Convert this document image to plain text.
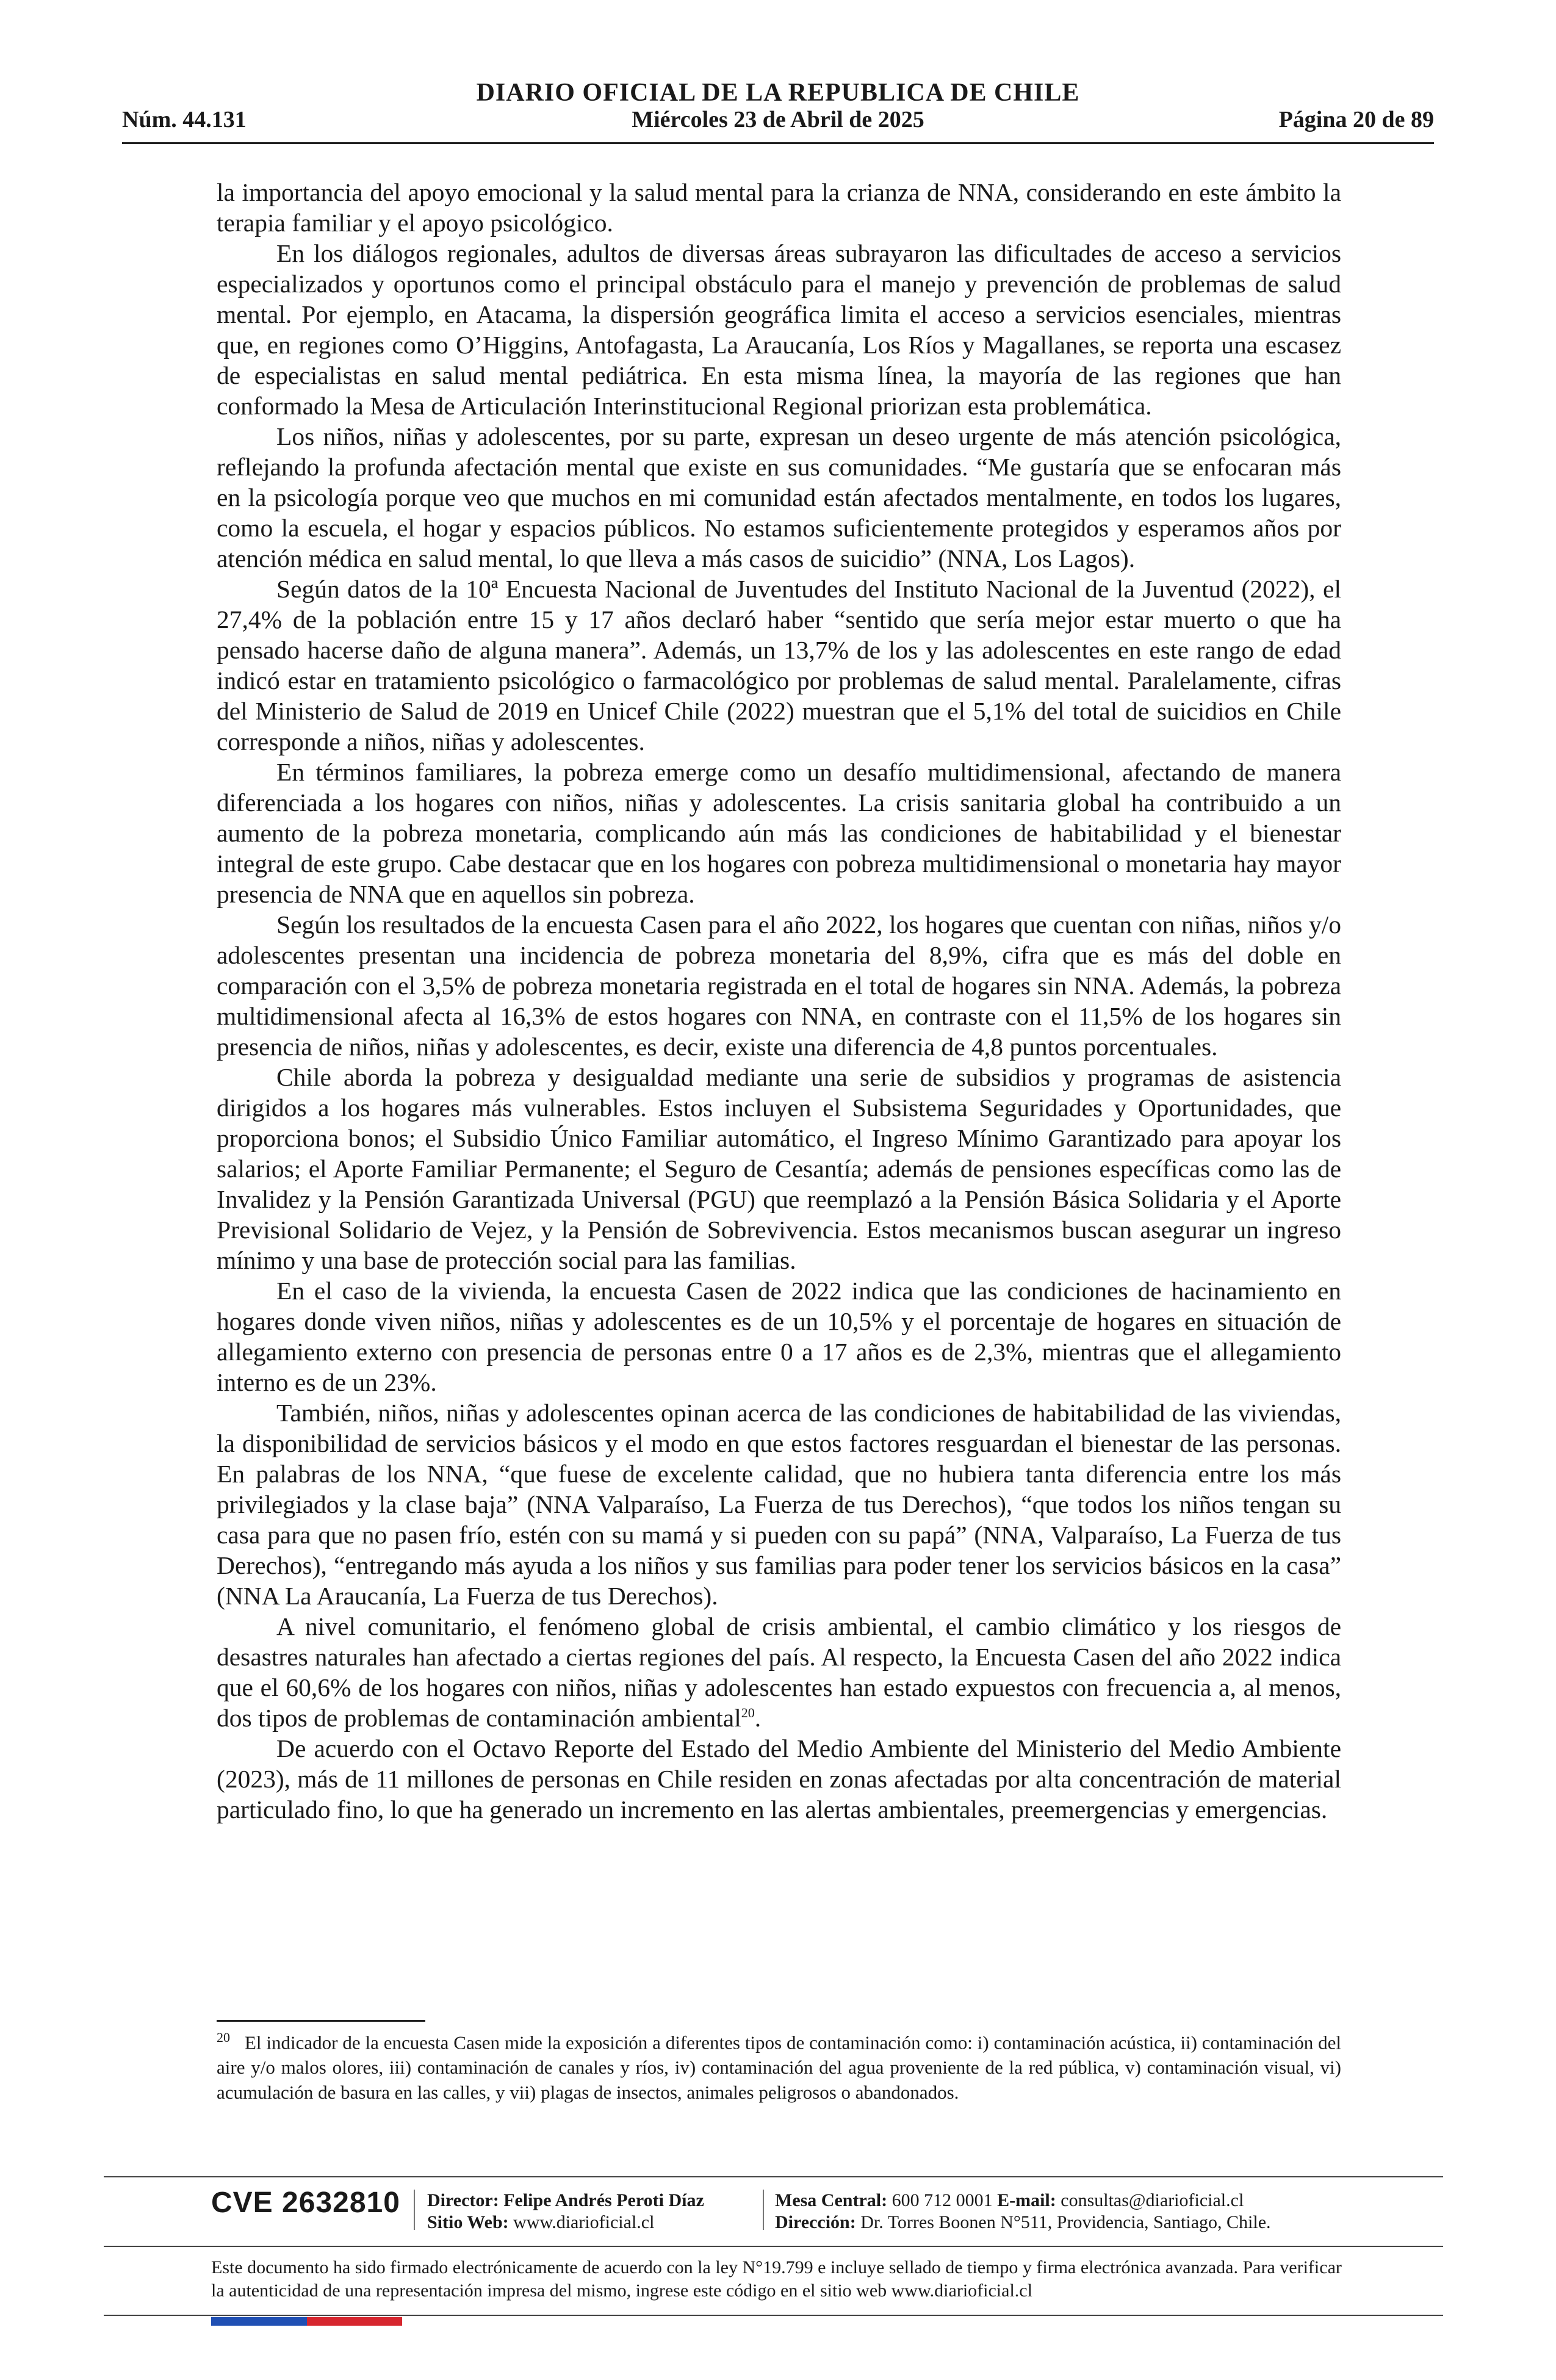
DIARIO OFICIAL DE LA REPUBLICA DE CHILE
Núm. 44.131	Miércoles 23 de Abril de 2025	Página 20 de 89

la importancia del apoyo emocional y la salud mental para la crianza de NNA, considerando en este ámbito la terapia familiar y el apoyo psicológico.

En los diálogos regionales, adultos de diversas áreas subrayaron las dificultades de acceso a servicios especializados y oportunos como el principal obstáculo para el manejo y prevención de problemas de salud mental. Por ejemplo, en Atacama, la dispersión geográfica limita el acceso a servicios esenciales, mientras que, en regiones como O’Higgins, Antofagasta, La Araucanía, Los Ríos y Magallanes, se reporta una escasez de especialistas en salud mental pediátrica. En esta misma línea, la mayoría de las regiones que han conformado la Mesa de Articulación Interinstitucional Regional priorizan esta problemática.

Los niños, niñas y adolescentes, por su parte, expresan un deseo urgente de más atención psicológica, reflejando la profunda afectación mental que existe en sus comunidades. “Me gustaría que se enfocaran más en la psicología porque veo que muchos en mi comunidad están afectados mentalmente, en todos los lugares, como la escuela, el hogar y espacios públicos. No estamos suficientemente protegidos y esperamos años por atención médica en salud mental, lo que lleva a más casos de suicidio” (NNA, Los Lagos).

Según datos de la 10ª Encuesta Nacional de Juventudes del Instituto Nacional de la Juventud (2022), el 27,4% de la población entre 15 y 17 años declaró haber “sentido que sería mejor estar muerto o que ha pensado hacerse daño de alguna manera”. Además, un 13,7% de los y las adolescentes en este rango de edad indicó estar en tratamiento psicológico o farmacológico por problemas de salud mental. Paralelamente, cifras del Ministerio de Salud de 2019 en Unicef Chile (2022) muestran que el 5,1% del total de suicidios en Chile corresponde a niños, niñas y adolescentes.

En términos familiares, la pobreza emerge como un desafío multidimensional, afectando de manera diferenciada a los hogares con niños, niñas y adolescentes. La crisis sanitaria global ha contribuido a un aumento de la pobreza monetaria, complicando aún más las condiciones de habitabilidad y el bienestar integral de este grupo. Cabe destacar que en los hogares con pobreza multidimensional o monetaria hay mayor presencia de NNA que en aquellos sin pobreza.

Según los resultados de la encuesta Casen para el año 2022, los hogares que cuentan con niñas, niños y/o adolescentes presentan una incidencia de pobreza monetaria del 8,9%, cifra que es más del doble en comparación con el 3,5% de pobreza monetaria registrada en el total de hogares sin NNA. Además, la pobreza multidimensional afecta al 16,3% de estos hogares con NNA, en contraste con el 11,5% de los hogares sin presencia de niños, niñas y adolescentes, es decir, existe una diferencia de 4,8 puntos porcentuales.

Chile aborda la pobreza y desigualdad mediante una serie de subsidios y programas de asistencia dirigidos a los hogares más vulnerables. Estos incluyen el Subsistema Seguridades y Oportunidades, que proporciona bonos; el Subsidio Único Familiar automático, el Ingreso Mínimo Garantizado para apoyar los salarios; el Aporte Familiar Permanente; el Seguro de Cesantía; además de pensiones específicas como las de Invalidez y la Pensión Garantizada Universal (PGU) que reemplazó a la Pensión Básica Solidaria y el Aporte Previsional Solidario de Vejez, y la Pensión de Sobrevivencia. Estos mecanismos buscan asegurar un ingreso mínimo y una base de protección social para las familias.

En el caso de la vivienda, la encuesta Casen de 2022 indica que las condiciones de hacinamiento en hogares donde viven niños, niñas y adolescentes es de un 10,5% y el porcentaje de hogares en situación de allegamiento externo con presencia de personas entre 0 a 17 años es de 2,3%, mientras que el allegamiento interno es de un 23%.

También, niños, niñas y adolescentes opinan acerca de las condiciones de habitabilidad de las viviendas, la disponibilidad de servicios básicos y el modo en que estos factores resguardan el bienestar de las personas. En palabras de los NNA, “que fuese de excelente calidad, que no hubiera tanta diferencia entre los más privilegiados y la clase baja” (NNA Valparaíso, La Fuerza de tus Derechos), “que todos los niños tengan su casa para que no pasen frío, estén con su mamá y si pueden con su papá” (NNA, Valparaíso, La Fuerza de tus Derechos), “entregando más ayuda a los niños y sus familias para poder tener los servicios básicos en la casa” (NNA La Araucanía, La Fuerza de tus Derechos).

A nivel comunitario, el fenómeno global de crisis ambiental, el cambio climático y los riesgos de desastres naturales han afectado a ciertas regiones del país. Al respecto, la Encuesta Casen del año 2022 indica que el 60,6% de los hogares con niños, niñas y adolescentes han estado expuestos con frecuencia a, al menos, dos tipos de problemas de contaminación ambiental$^{20}$.

De acuerdo con el Octavo Reporte del Estado del Medio Ambiente del Ministerio del Medio Ambiente (2023), más de 11 millones de personas en Chile residen en zonas afectadas por alta concentración de material particulado fino, lo que ha generado un incremento en las alertas ambientales, preemergencias y emergencias.

$^{20}$ El indicador de la encuesta Casen mide la exposición a diferentes tipos de contaminación como: i) contaminación acústica, ii) contaminación del aire y/o malos olores, iii) contaminación de canales y ríos, iv) contaminación del agua proveniente de la red pública, v) contaminación visual, vi) acumulación de basura en las calles, y vii) plagas de insectos, animales peligrosos o abandonados.
CVE 2632810 Director: Felipe Andrés Peroti Díaz
Sitio Web: www.diarioficial.cl
Mesa Central: 600 712 0001 E-mail: consultas@diarioficial.cl
Dirección: Dr. Torres Boonen N°511, Providencia, Santiago, Chile.
Este documento ha sido firmado electrónicamente de acuerdo con la ley N°19.799 e incluye sellado de tiempo y firma electrónica avanzada. Para verificar la autenticidad de una representación impresa del mismo, ingrese este código en el sitio web www.diarioficial.cl
